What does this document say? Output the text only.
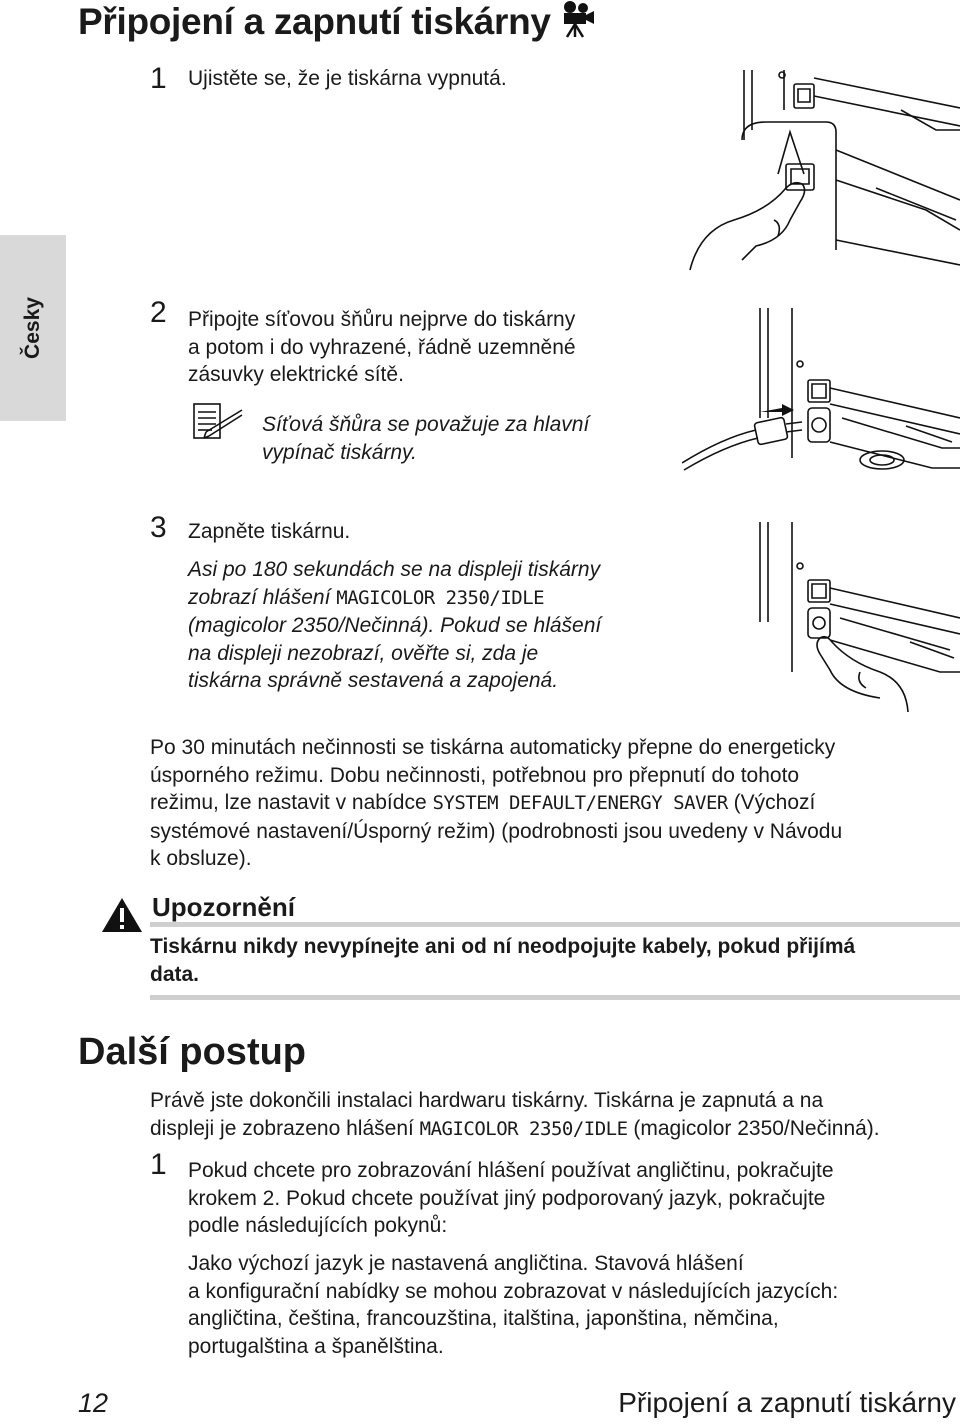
Připojení a zapnutí tiskárny
Česky
1 Ujistěte se, že je tiskárna vypnutá.
2 Připojte síťovou šňůru nejprve do tiskárny
a potom i do vyhrazené, řádně uzemněné
zásuvky elektrické sítě.
Síťová šňůra se považuje za hlavní
vypínač tiskárny.
3 Zapněte tiskárnu.
Asi po 180 sekundách se na displeji tiskárny
zobrazí hlášení MAGICOLOR 2350/IDLE
(magicolor 2350/Nečinná). Pokud se hlášení
na displeji nezobrazí, ověřte si, zda je
tiskárna správně sestavená a zapojená.
Po 30 minutách nečinnosti se tiskárna automaticky přepne do energeticky
úsporného režimu. Dobu nečinnosti, potřebnou pro přepnutí do tohoto
režimu, lze nastavit v nabídce SYSTEM DEFAULT/ENERGY SAVER (Výchozí
systémové nastavení/Úsporný režim) (podrobnosti jsou uvedeny v Návodu
k obsluze).
Upozornění
Tiskárnu nikdy nevypínejte ani od ní neodpojujte kabely, pokud přijímá
data.
Další postup
Právě jste dokončili instalaci hardwaru tiskárny. Tiskárna je zapnutá a na
displeji je zobrazeno hlášení MAGICOLOR 2350/IDLE (magicolor 2350/Nečinná).
1 Pokud chcete pro zobrazování hlášení používat angličtinu, pokračujte
krokem 2. Pokud chcete používat jiný podporovaný jazyk, pokračujte
podle následujících pokynů:
Jako výchozí jazyk je nastavená angličtina. Stavová hlášení
a konfigurační nabídky se mohou zobrazovat v následujících jazycích:
angličtina, čeština, francouzština, italština, japonština, němčina,
portugalština a španělština.
12	Připojení a zapnutí tiskárny
